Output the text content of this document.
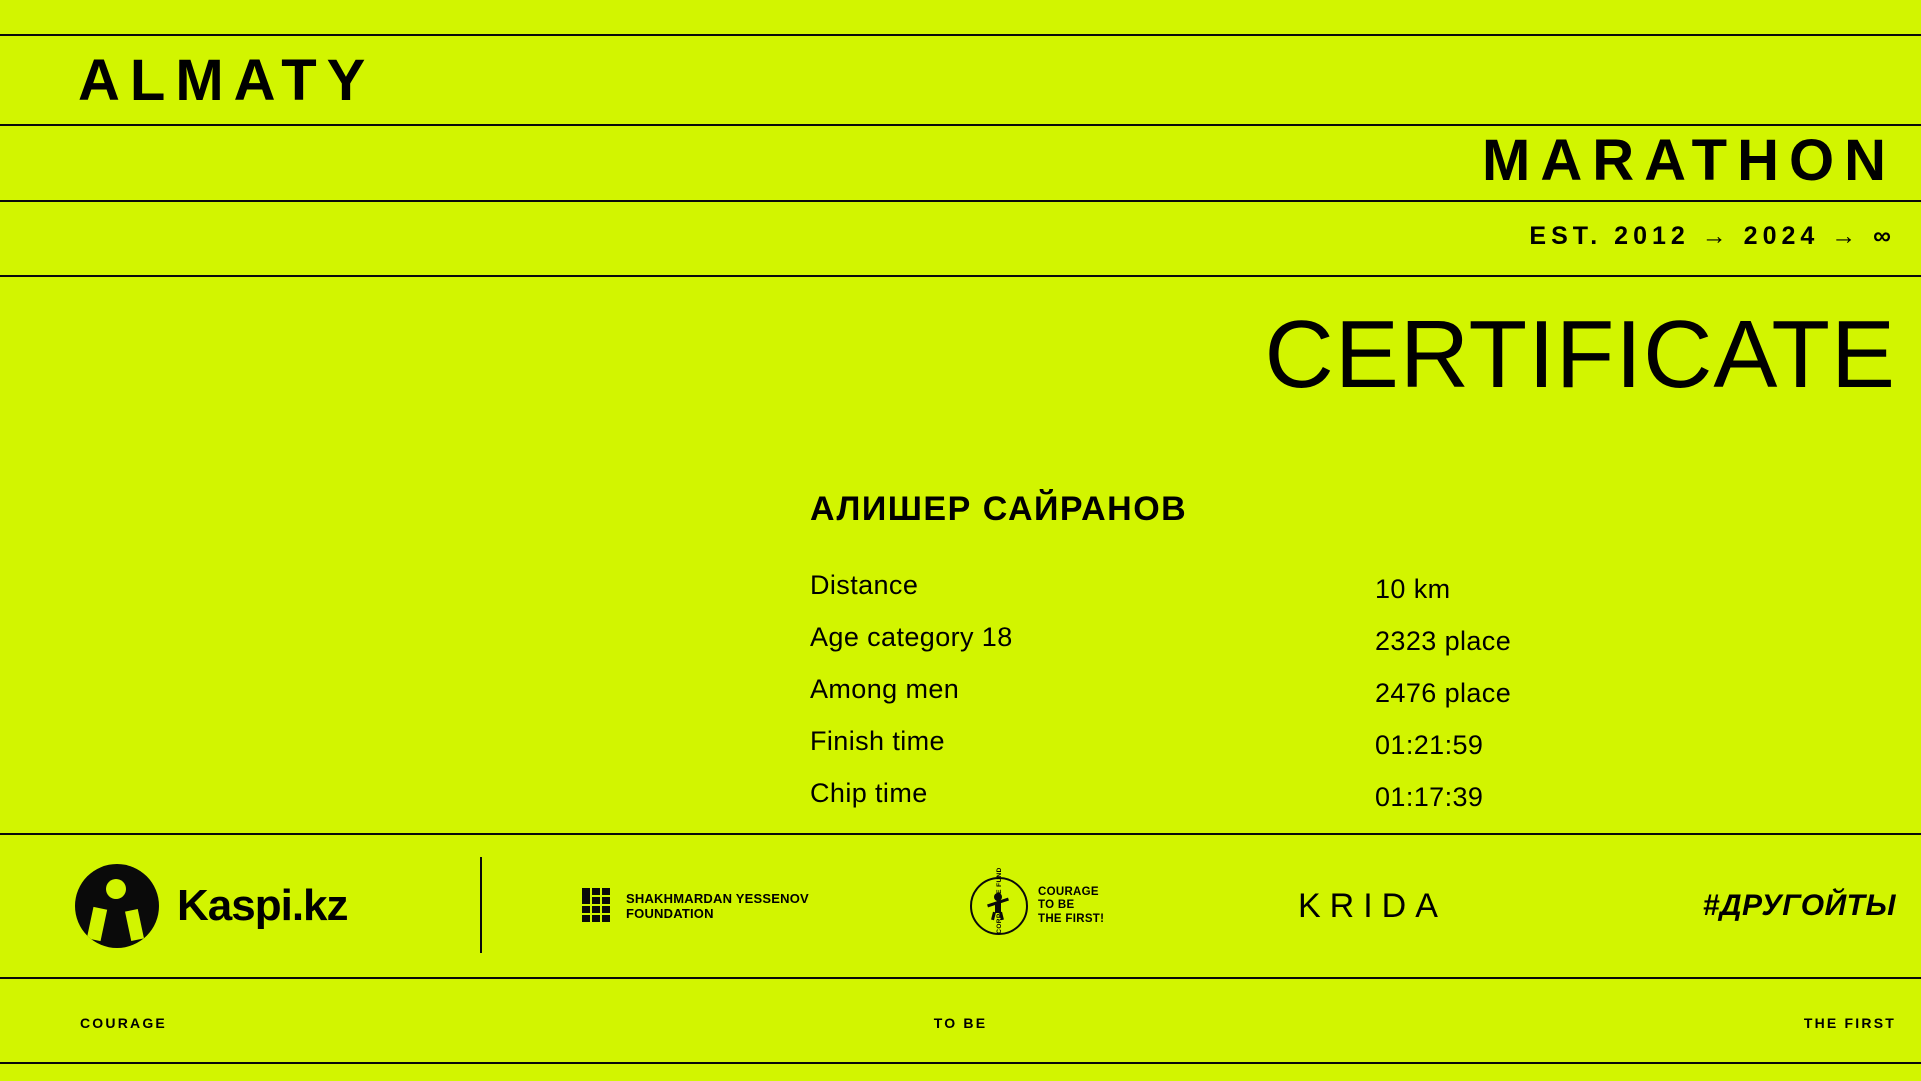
ALMATY
MARATHON
EST. 2012 → 2024 → ∞
CERTIFICATE
АЛИШЕР САЙРАНОВ
Distance	10 km
Age category 18	2323 place
Among men	2476 place
Finish time	01:21:59
Chip time	01:17:39
Kaspi.kz	SHAKHMARDAN YESSENOV
FOUNDATION
COURAGE
TO BE
THE FIRST!	KRIDA	#ДРУГОЙТЫ
COURAGE	TO BE	THE FIRST
